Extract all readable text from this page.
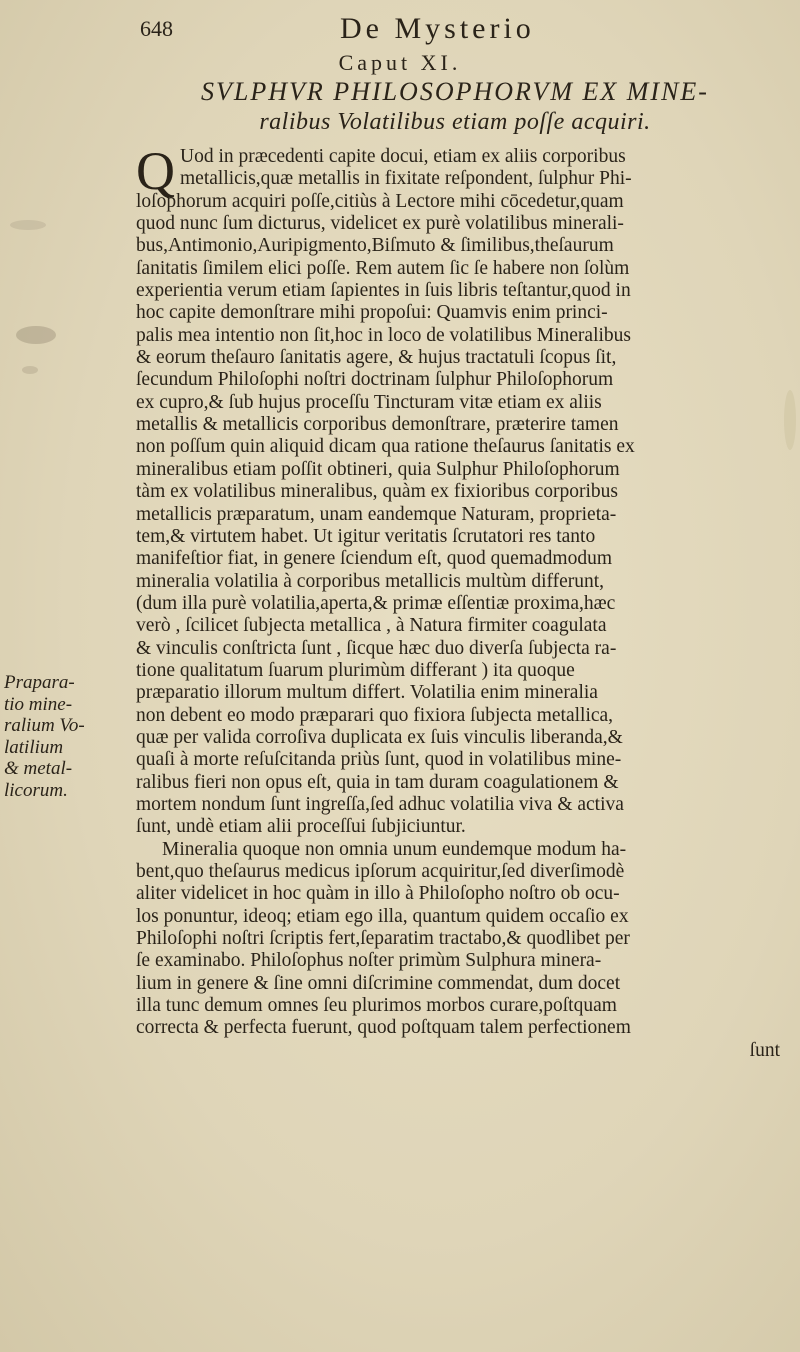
648	De Mysterio
Caput XI.
SVLPHVR PHILOSOPHORVM EX MINE-
ralibus Volatilibus etiam poſſe acquiri.
Q Uod in præcedenti capite docui, etiam ex aliis corporibus
metallicis,quæ metallis in fixitate reſpondent, ſulphur Phi-
loſophorum acquiri poſſe,citiùs à Lectore mihi cōcedetur,quam
quod nunc ſum dicturus, videlicet ex purè volatilibus minerali-
bus,Antimonio,Auripigmento,Biſmuto & ſimilibus,theſaurum
ſanitatis ſimilem elici poſſe. Rem autem ſic ſe habere non ſolùm
experientia verum etiam ſapientes in ſuis libris teſtantur,quod in
hoc capite demonſtrare mihi propoſui: Quamvis enim princi-
palis mea intentio non ſit,hoc in loco de volatilibus Mineralibus
& eorum theſauro ſanitatis agere, & hujus tractatuli ſcopus ſit,
ſecundum Philoſophi noſtri doctrinam ſulphur Philoſophorum
ex cupro,& ſub hujus proceſſu Tincturam vitæ etiam ex aliis
metallis & metallicis corporibus demonſtrare, præterire tamen
non poſſum quin aliquid dicam qua ratione theſaurus ſanitatis ex
mineralibus etiam poſſit obtineri, quia Sulphur Philoſophorum
tàm ex volatilibus mineralibus, quàm ex fixioribus corporibus
metallicis præparatum, unam eandemque Naturam, proprieta-
tem,& virtutem habet. Ut igitur veritatis ſcrutatori res tanto
manifeſtior fiat, in genere ſciendum eſt, quod quemadmodum
mineralia volatilia à corporibus metallicis multùm differunt,
(dum illa purè volatilia,aperta,& primæ eſſentiæ proxima,hæc
verò , ſcilicet ſubjecta metallica , à Natura firmiter coagulata
& vinculis conſtricta ſunt , ſicque hæc duo diverſa ſubjecta ra-
tione qualitatum ſuarum plurimùm differant ) ita quoque
præparatio illorum multum differt. Volatilia enim mineralia
non debent eo modo præparari quo fixiora ſubjecta metallica,
quæ per valida corroſiva duplicata ex ſuis vinculis liberanda,&
quaſi à morte reſuſcitanda priùs ſunt, quod in volatilibus mine-
ralibus fieri non opus eſt, quia in tam duram coagulationem &
mortem nondum ſunt ingreſſa,ſed adhuc volatilia viva & activa
ſunt, undè etiam alii proceſſui ſubjiciuntur.
Mineralia quoque non omnia unum eundemque modum ha-
bent,quo theſaurus medicus ipſorum acquiritur,ſed diverſimodè
aliter videlicet in hoc quàm in illo à Philoſopho noſtro ob ocu-
los ponuntur, ideoq; etiam ego illa, quantum quidem occaſio ex
Philoſophi noſtri ſcriptis fert,ſeparatim tractabo,& quodlibet per
ſe examinabo. Philoſophus noſter primùm Sulphura minera-
lium in genere & ſine omni diſcrimine commendat, dum docet
illa tunc demum omnes ſeu plurimos morbos curare,poſtquam
correcta & perfecta fuerunt, quod poſtquam talem perfectionem
ſunt
Prapara-
tio mine-
ralium Vo-
latilium
& metal-
licorum.
